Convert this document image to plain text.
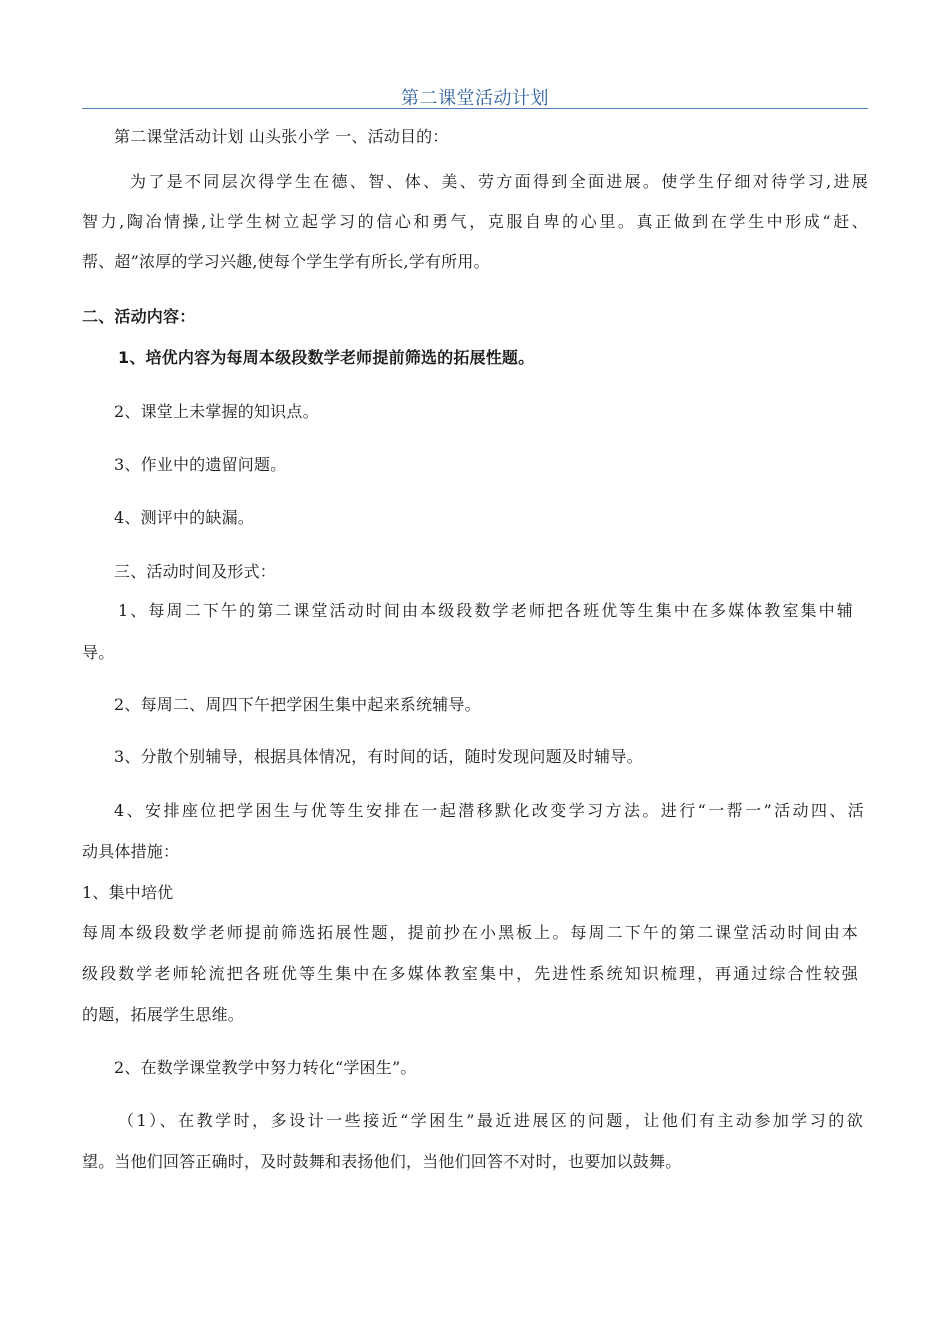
第二课堂活动计划
第二课堂活动计划 山头张小学 一、活动目的：
为了是不同层次得学生在德、智、体、美、劳方面得到全面进展。使学生仔细对待学习,进展
智力,陶冶情操,让学生树立起学习的信心和勇气，克服自卑的心里。真正做到在学生中形成“赶、
帮、超”浓厚的学习兴趣,使每个学生学有所长,学有所用。
二、活动内容：
1、培优内容为每周本级段数学老师提前筛选的拓展性题。
2、课堂上未掌握的知识点。
3、作业中的遗留问题。
4、测评中的缺漏。
三、活动时间及形式：
1、每周二下午的第二课堂活动时间由本级段数学老师把各班优等生集中在多媒体教室集中辅
导。
2、每周二、周四下午把学困生集中起来系统辅导。
3、分散个别辅导，根据具体情况，有时间的话，随时发现问题及时辅导。
4、安排座位把学困生与优等生安排在一起潜移默化改变学习方法。进行“一帮一”活动四、活
动具体措施：
1、集中培优
每周本级段数学老师提前筛选拓展性题，提前抄在小黑板上。每周二下午的第二课堂活动时间由本
级段数学老师轮流把各班优等生集中在多媒体教室集中，先进性系统知识梳理，再通过综合性较强
的题，拓展学生思维。
2、在数学课堂教学中努力转化“学困生”。
（1）、在教学时，多设计一些接近“学困生”最近进展区的问题，让他们有主动参加学习的欲
望。当他们回答正确时，及时鼓舞和表扬他们，当他们回答不对时，也要加以鼓舞。
